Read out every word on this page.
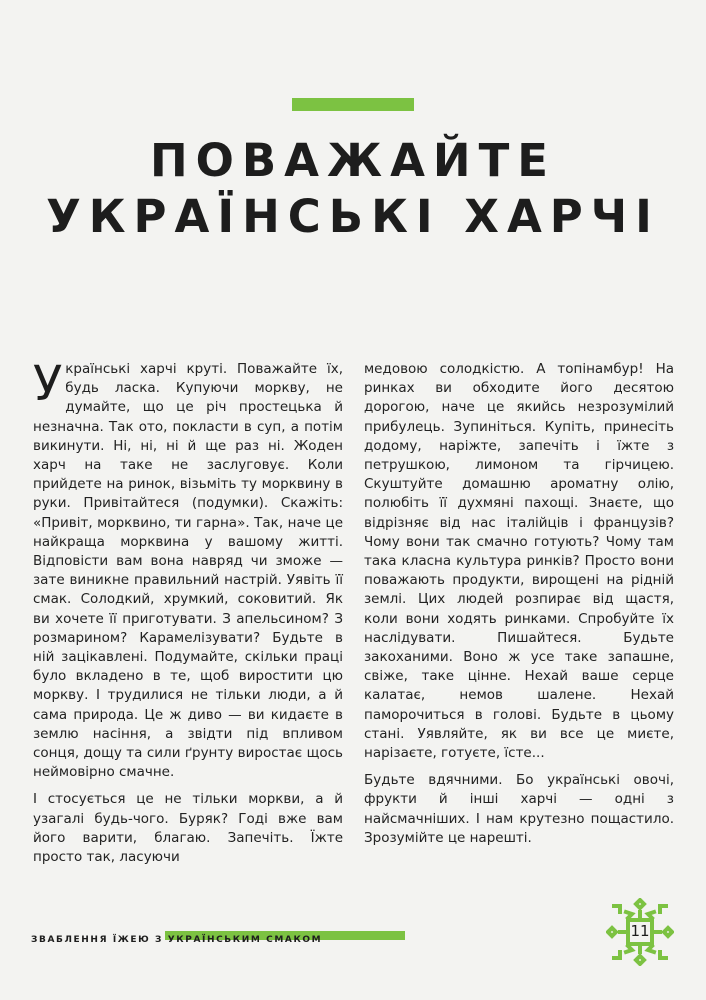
ПОВАЖАЙТЕ
УКРАЇНСЬКІ ХАРЧІ

Українські харчі круті. Поважайте їх, будь ласка. Купуючи моркву, не думайте, що це річ простецька й незначна. Так ото, покласти в суп, а потім викинути. Ні, ні, ні й ще раз ні. Жоден харч на таке не заслуговує. Коли прийдете на ринок, візьміть ту морквину в руки. Привітайтеся (подумки). Скажіть: «Привіт, морквино, ти гарна». Так, наче це найкраща морквина у вашому житті. Відповісти вам вона навряд чи зможе — зате виникне правильний настрій. Уявіть її смак. Солодкий, хрумкий, соковитий. Як ви хочете її приготувати. З апельсином? З розмарином? Карамелізувати? Будьте в ній зацікавлені. Подумайте, скільки праці було вкладено в те, щоб виростити цю моркву. І трудилися не тільки люди, а й сама природа. Це ж диво — ви кидаєте в землю насіння, а звідти під впливом сонця, дощу та сили ґрунту виростає щось неймовірно смачне.

І стосується це не тільки моркви, а й узагалі будь-чого. Буряк? Годі вже вам його варити, благаю. Запечіть. Їжте просто так, ласуючи

медовою солодкістю. А топінамбур! На ринках ви обходите його десятою дорогою, наче це якийсь незрозумілий прибулець. Зупиніться. Купіть, принесіть додому, наріжте, запечіть і їжте з петрушкою, лимоном та гірчицею. Скуштуйте домашню ароматну олію, полюбіть її духмяні пахощі. Знаєте, що відрізняє від нас італійців і французів? Чому вони так смачно готують? Чому там така класна культура ринків? Просто вони поважають продукти, вирощені на рідній землі. Цих людей розпирає від щастя, коли вони ходять ринками. Спробуйте їх наслідувати. Пишайтеся. Будьте закоханими. Воно ж усе таке запашне, свіже, таке цінне. Нехай ваше серце калатає, немов шалене. Нехай паморочиться в голові. Будьте в цьому стані. Уявляйте, як ви все це миєте, нарізаєте, готуєте, їсте...

Будьте вдячними. Бо українські овочі, фрукти й інші харчі — одні з найсмачніших. І нам крутезно пощастило. Зрозумійте це нарешті.

ЗВАБЛЕННЯ ЇЖЕЮ З УКРАЇНСЬКИМ СМАКОМ	11
